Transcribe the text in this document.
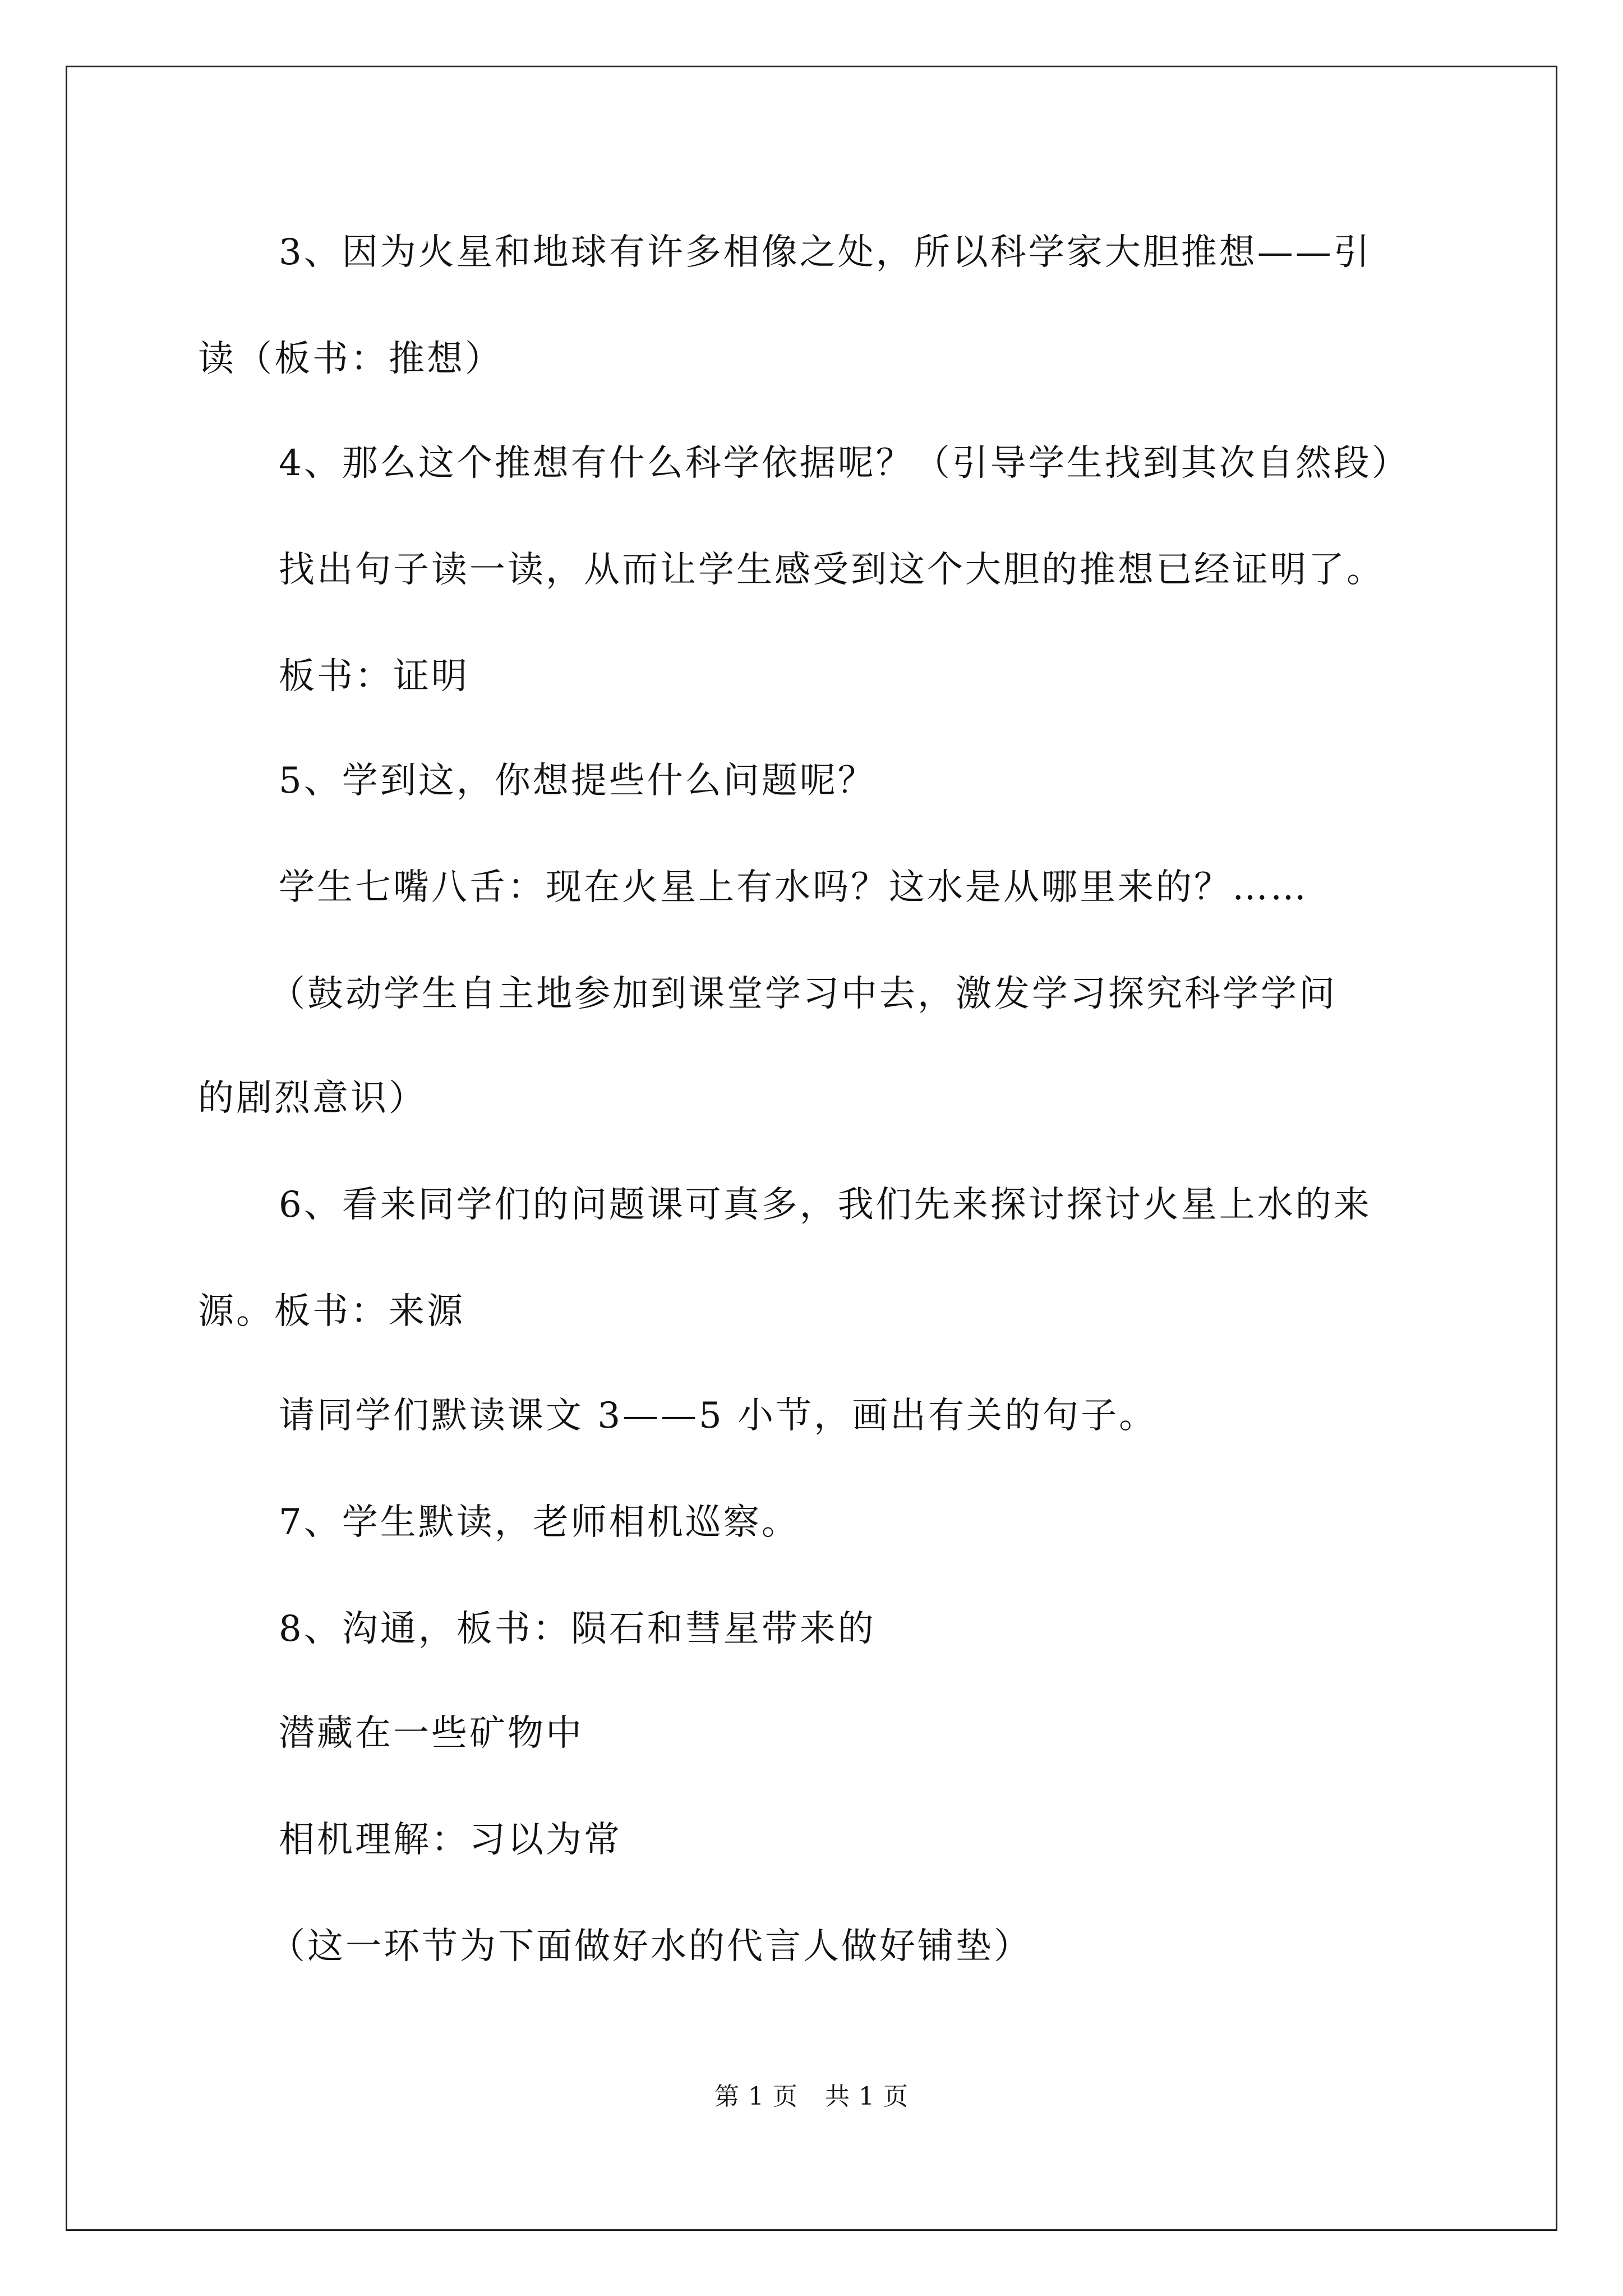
3、因为火星和地球有许多相像之处，所以科学家大胆推想——引
读（板书：推想）
4、那么这个推想有什么科学依据呢？（引导学生找到其次自然段）
找出句子读一读，从而让学生感受到这个大胆的推想已经证明了。
板书：证明
5、学到这，你想提些什么问题呢？
学生七嘴八舌：现在火星上有水吗？这水是从哪里来的？……
（鼓动学生自主地参加到课堂学习中去，激发学习探究科学学问
的剧烈意识）
6、看来同学们的问题课可真多，我们先来探讨探讨火星上水的来
源。板书：来源
请同学们默读课文 3——5 小节，画出有关的句子。
7、学生默读，老师相机巡察。
8、沟通，板书：陨石和彗星带来的
潜藏在一些矿物中
相机理解：习以为常
（这一环节为下面做好水的代言人做好铺垫）
第 1 页 共 1 页
